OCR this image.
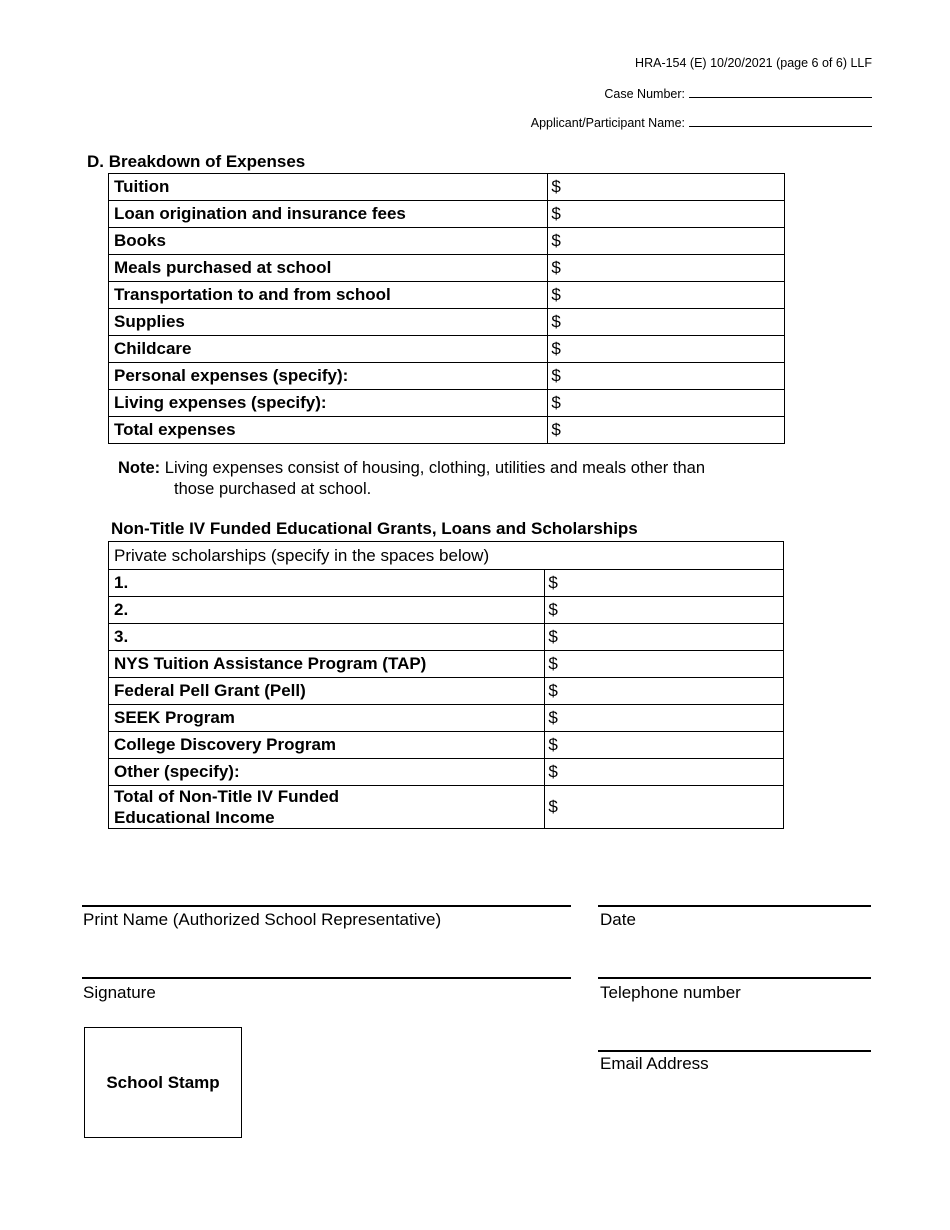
HRA-154 (E) 10/20/2021 (page 6 of 6) LLF
Case Number:
Applicant/Participant Name:
D. Breakdown of Expenses
Tuition	$
Loan origination and insurance fees	$
Books	$
Meals purchased at school	$
Transportation to and from school	$
Supplies	$
Childcare	$
Personal expenses (specify):	$
Living expenses (specify):	$
Total expenses	$
Note: Living expenses consist of housing, clothing, utilities and meals other than
those purchased at school.
Non-Title IV Funded Educational Grants, Loans and Scholarships
Private scholarships (specify in the spaces below)	
1.	$
2.	$
3.	$
NYS Tuition Assistance Program (TAP)	$
Federal Pell Grant (Pell)	$
SEEK Program	$
College Discovery Program	$
Other (specify):	$

Total of Non-Title IV Funded
Educational Income	$
Print Name (Authorized School Representative)	Date
Signature	Telephone number
Email Address
School Stamp
